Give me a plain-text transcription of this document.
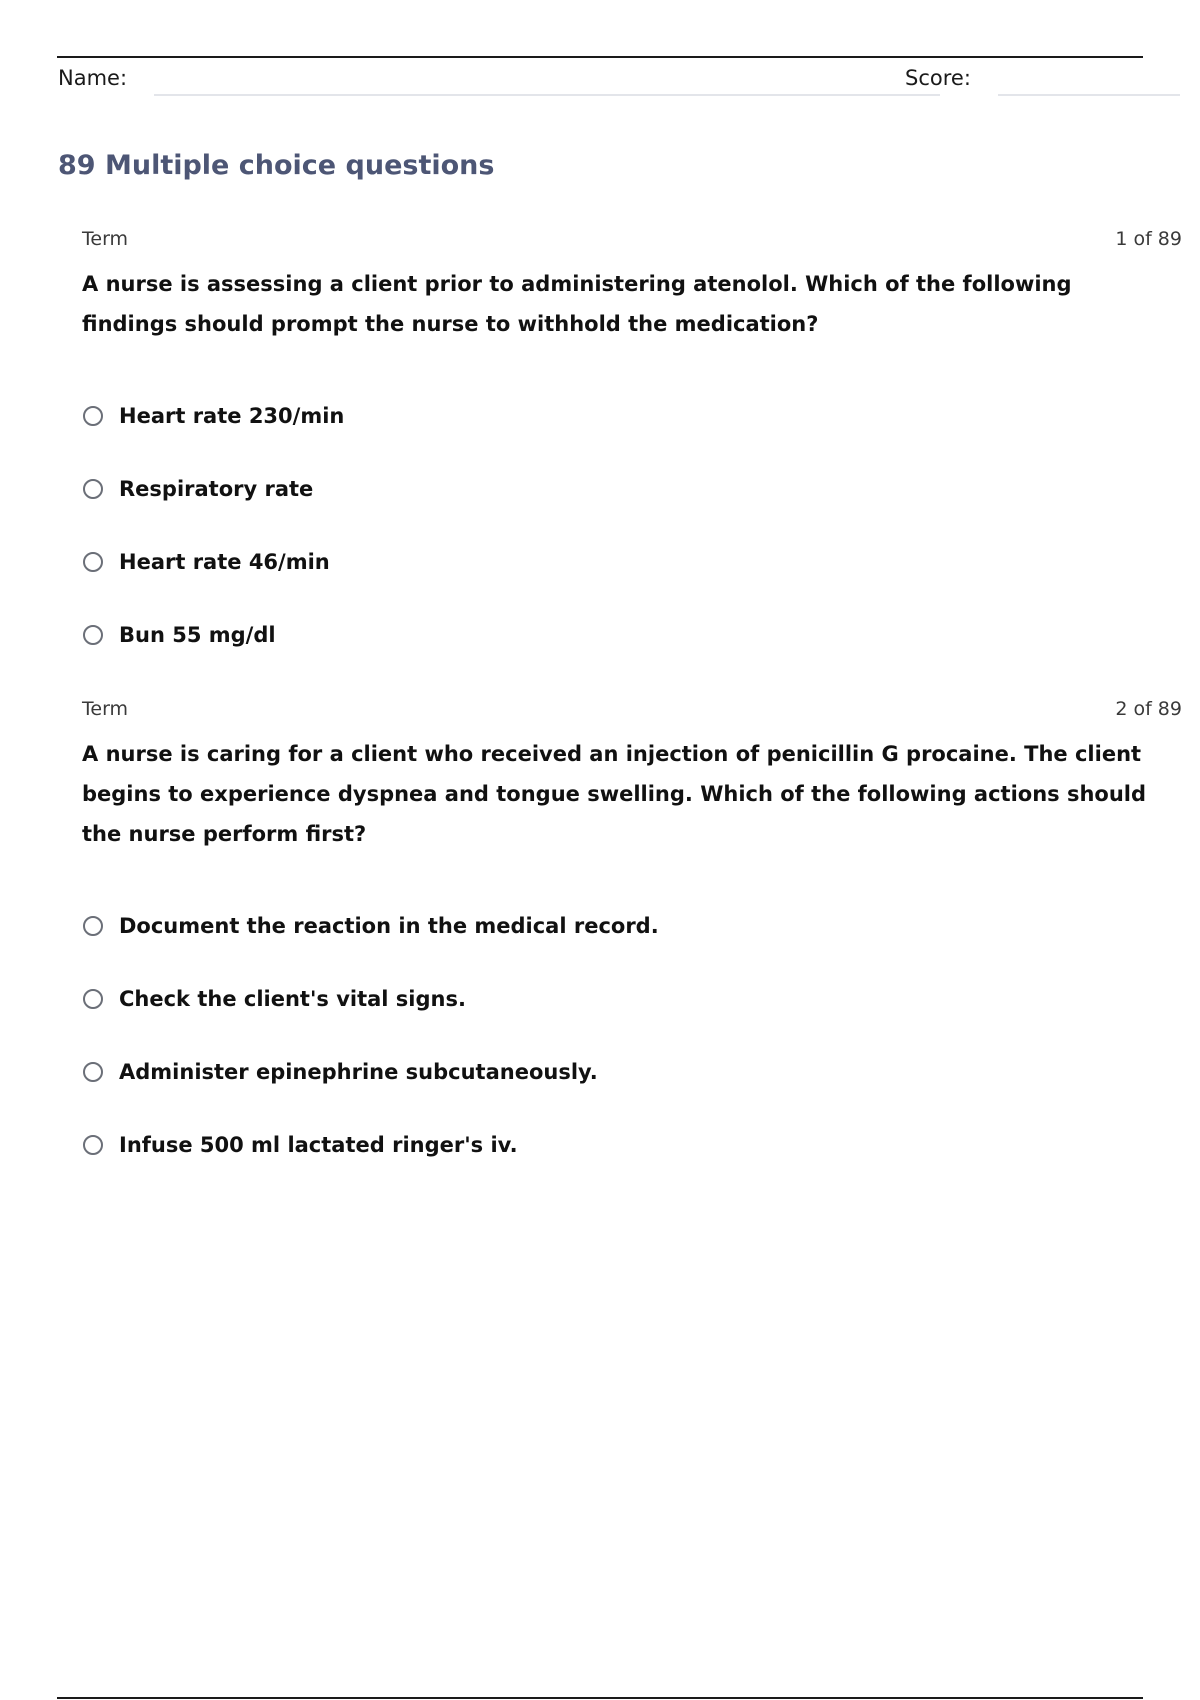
Name:	Score:
89 Multiple choice questions
Term	1 of 89

A nurse is assessing a client prior to administering atenolol. Which of the following findings should prompt the nurse to withhold the medication?

Heart rate 230/min
Respiratory rate
Heart rate 46/min
Bun 55 mg/dl
Term	2 of 89

A nurse is caring for a client who received an injection of penicillin G procaine. The client begins to experience dyspnea and tongue swelling. Which of the following actions should the nurse perform first?

Document the reaction in the medical record.
Check the client's vital signs.
Administer epinephrine subcutaneously.
Infuse 500 ml lactated ringer's iv.
